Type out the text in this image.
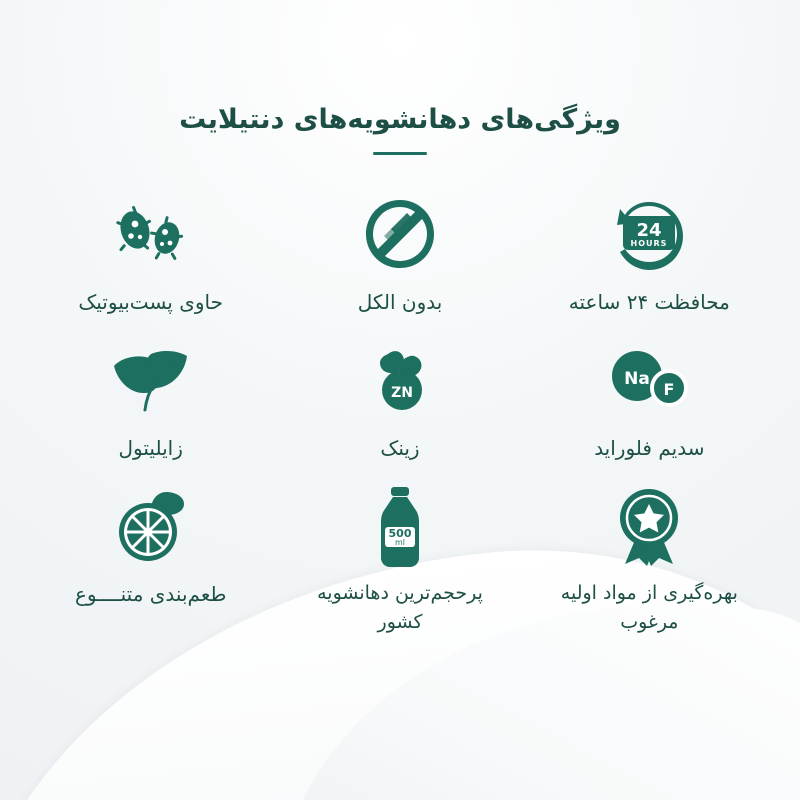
ویژگی‌های دهانشویه‌های دنتیلایت
24
HOURS
محافظت ۲۴ ساعته
بدون الکل
حاوی پست‌بیوتیک
Na
F
سدیم فلوراید
ZN
زینک
زایلیتول
بهره‌گیری از مواد اولیه مرغوب
500
ml
پرحجم‌ترین دهانشویه کشور
طعم‌بندی متنــــوع
